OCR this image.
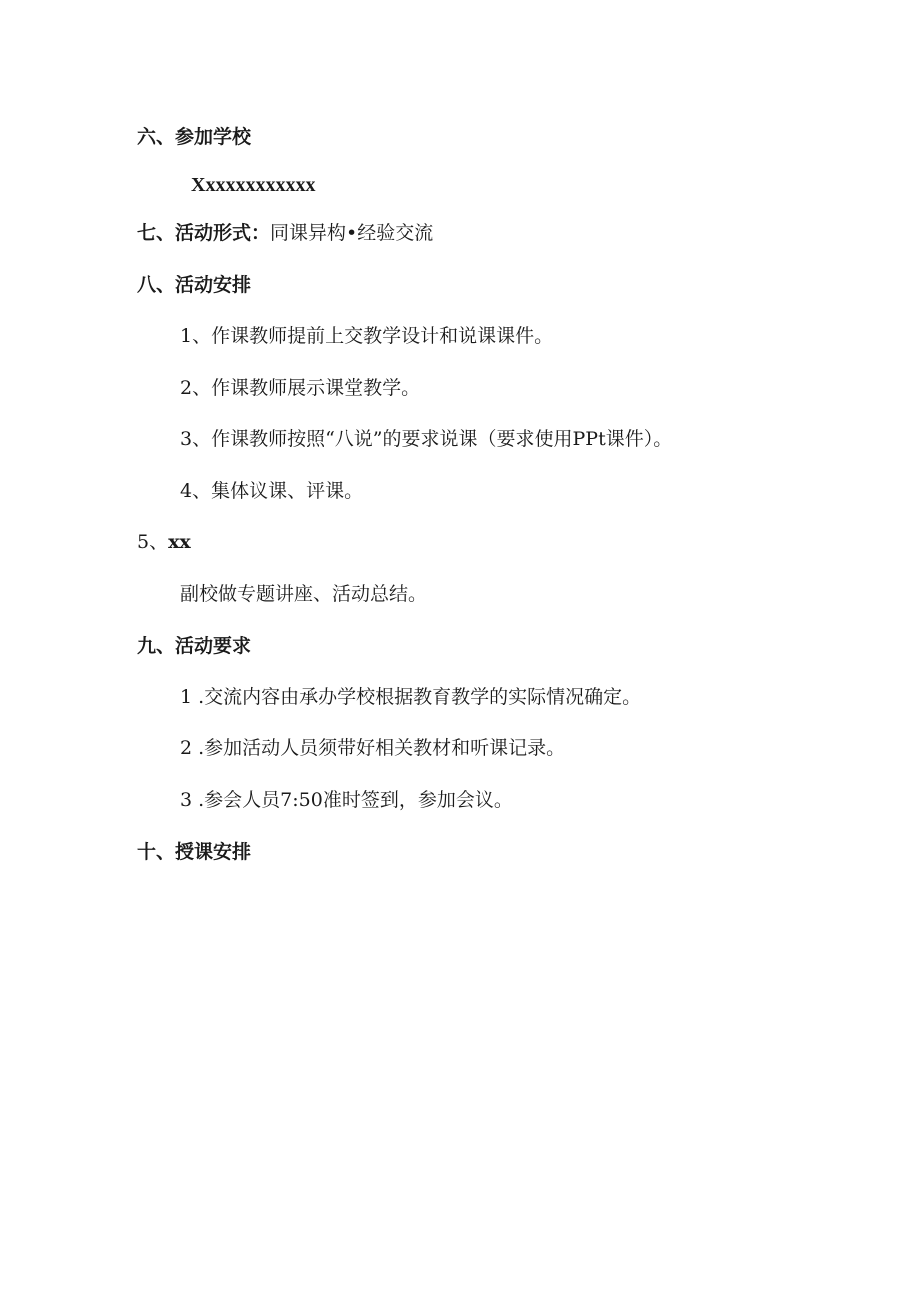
六、参加学校
Xxxxxxxxxxxx
七、活动形式：同课异构•经验交流
八、活动安排
1、作课教师提前上交教学设计和说课课件。
2、作课教师展示课堂教学。
3、作课教师按照“八说”的要求说课（要求使用PPt课件）。
4、集体议课、评课。
5、xx
副校做专题讲座、活动总结。
九、活动要求
1 .交流内容由承办学校根据教育教学的实际情况确定。
2 .参加活动人员须带好相关教材和听课记录。
3 .参会人员7:50准时签到，参加会议。
十、授课安排
